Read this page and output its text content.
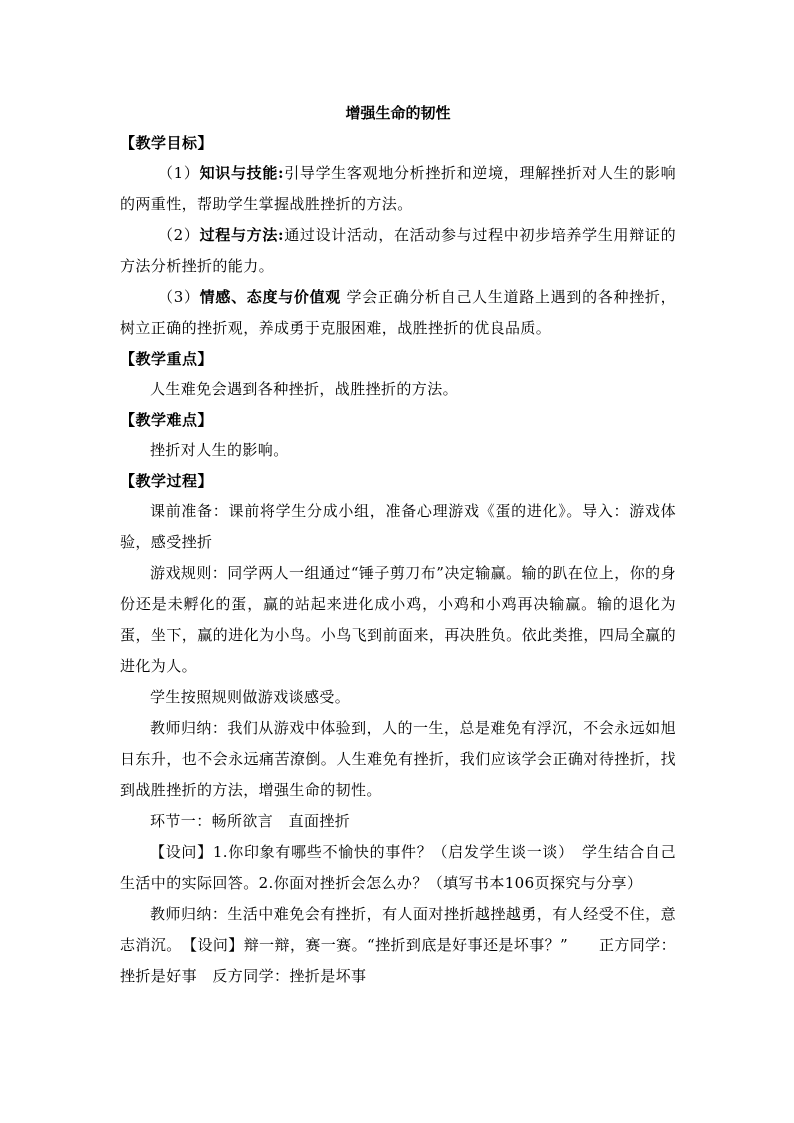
增强生命的韧性
【教学目标】
（1）知识与技能:引导学生客观地分析挫折和逆境，理解挫折对人生的影响的两重性，帮助学生掌握战胜挫折的方法。
（2）过程与方法:通过设计活动，在活动参与过程中初步培养学生用辩证的方法分析挫折的能力。
（3）情感、态度与价值观 学会正确分析自己人生道路上遇到的各种挫折，树立正确的挫折观，养成勇于克服困难，战胜挫折的优良品质。
【教学重点】
人生难免会遇到各种挫折，战胜挫折的方法。
【教学难点】
挫折对人生的影响。
【教学过程】
课前准备：课前将学生分成小组，准备心理游戏《蛋的进化》。导入：游戏体验，感受挫折
游戏规则：同学两人一组通过“锤子剪刀布”决定输赢。输的趴在位上，你的身份还是未孵化的蛋，赢的站起来进化成小鸡，小鸡和小鸡再决输赢。输的退化为蛋，坐下，赢的进化为小鸟。小鸟飞到前面来，再决胜负。依此类推，四局全赢的进化为人。
学生按照规则做游戏谈感受。
教师归纳：我们从游戏中体验到，人的一生，总是难免有浮沉，不会永远如旭日东升，也不会永远痛苦潦倒。人生难免有挫折，我们应该学会正确对待挫折，找到战胜挫折的方法，增强生命的韧性。
环节一：畅所欲言　直面挫折
【设问】1.你印象有哪些不愉快的事件？（启发学生谈一谈）　学生结合自己生活中的实际回答。2.你面对挫折会怎么办？（填写书本106页探究与分享）
教师归纳：生活中难免会有挫折，有人面对挫折越挫越勇，有人经受不住，意志消沉。　【设问】辩一辩，赛一赛。“挫折到底是好事还是坏事？”　　正方同学：挫折是好事　反方同学：挫折是坏事
